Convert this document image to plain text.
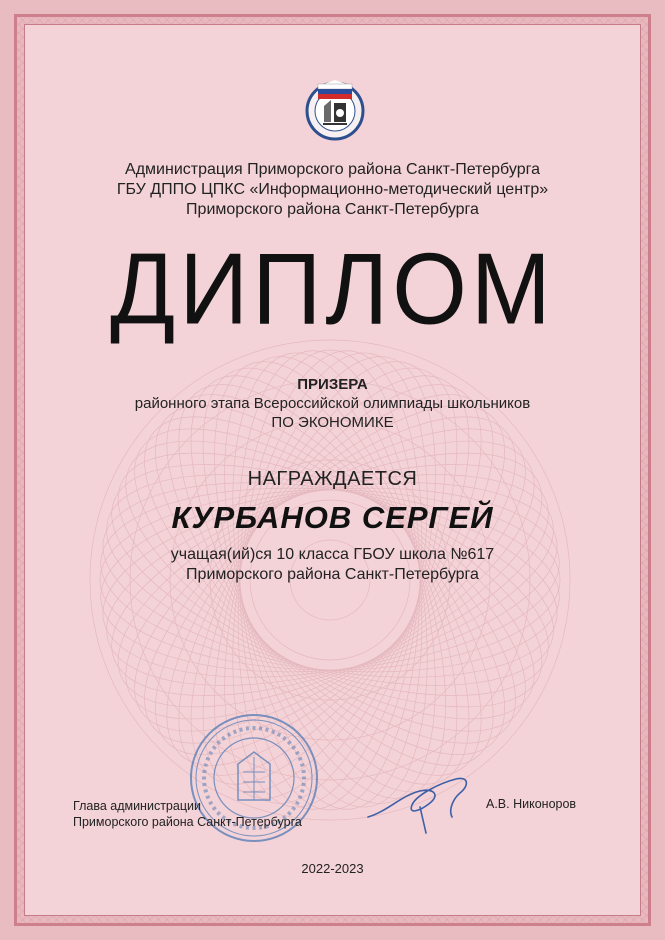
Администрация Приморского района Санкт-Петербурга
ГБУ ДППО ЦПКС «Информационно-методический центр»
Приморского района Санкт-Петербурга
ДИПЛОМ
ПРИЗЕРА
районного этапа Всероссийской олимпиады школьников
ПО ЭКОНОМИКЕ
НАГРАЖДАЕТСЯ
КУРБАНОВ СЕРГЕЙ
учащая(ий)ся 10 класса ГБОУ школа №617
Приморского района Санкт-Петербурга
Глава администрации
Приморского района Санкт-Петербурга
А.В. Никоноров
2022-2023
